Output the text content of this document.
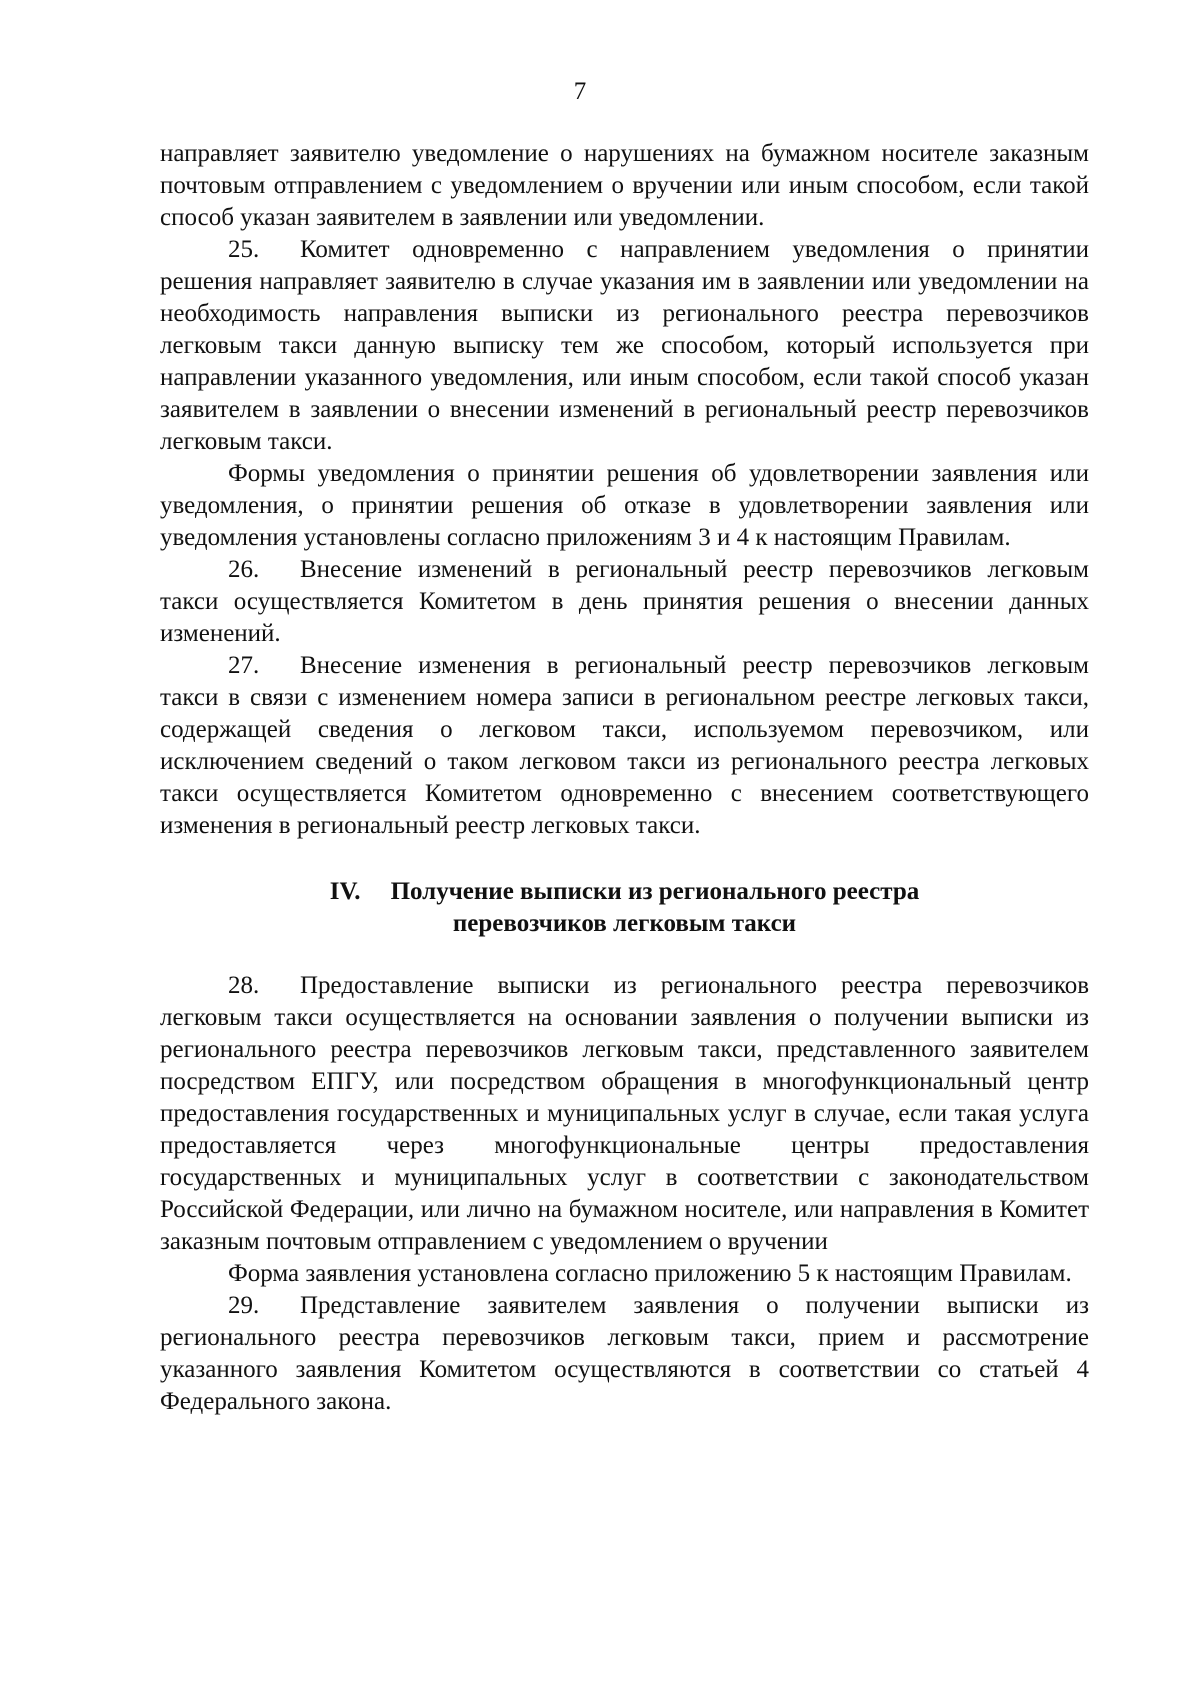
7

направляет заявителю уведомление о нарушениях на бумажном носителе заказным почтовым отправлением с уведомлением о вручении или иным способом, если такой способ указан заявителем в заявлении или уведомлении.

25. Комитет одновременно с направлением уведомления о принятии решения направляет заявителю в случае указания им в заявлении или уведомлении на необходимость направления выписки из регионального реестра перевозчиков легковым такси данную выписку тем же способом, который используется при направлении указанного уведомления, или иным способом, если такой способ указан заявителем в заявлении о внесении изменений в региональный реестр перевозчиков легковым такси.

Формы уведомления о принятии решения об удовлетворении заявления или уведомления, о принятии решения об отказе в удовлетворении заявления или уведомления установлены согласно приложениям 3 и 4 к настоящим Правилам.

26. Внесение изменений в региональный реестр перевозчиков легковым такси осуществляется Комитетом в день принятия решения о внесении данных изменений.

27. Внесение изменения в региональный реестр перевозчиков легковым такси в связи с изменением номера записи в региональном реестре легковых такси, содержащей сведения о легковом такси, используемом перевозчиком, или исключением сведений о таком легковом такси из регионального реестра легковых такси осуществляется Комитетом одновременно с внесением соответствующего изменения в региональный реестр легковых такси.

IV. Получение выписки из регионального реестра
перевозчиков легковым такси

28. Предоставление выписки из регионального реестра перевозчиков легковым такси осуществляется на основании заявления о получении выписки из регионального реестра перевозчиков легковым такси, представленного заявителем посредством ЕПГУ, или посредством обращения в многофункциональный центр предоставления государственных и муниципальных услуг в случае, если такая услуга предоставляется через многофункциональные центры предоставления государственных и муниципальных услуг в соответствии с законодательством Российской Федерации, или лично на бумажном носителе, или направления в Комитет заказным почтовым отправлением с уведомлением о вручении

Форма заявления установлена согласно приложению 5 к настоящим Правилам.

29. Представление заявителем заявления о получении выписки из регионального реестра перевозчиков легковым такси, прием и рассмотрение указанного заявления Комитетом осуществляются в соответствии со статьей 4 Федерального закона.
